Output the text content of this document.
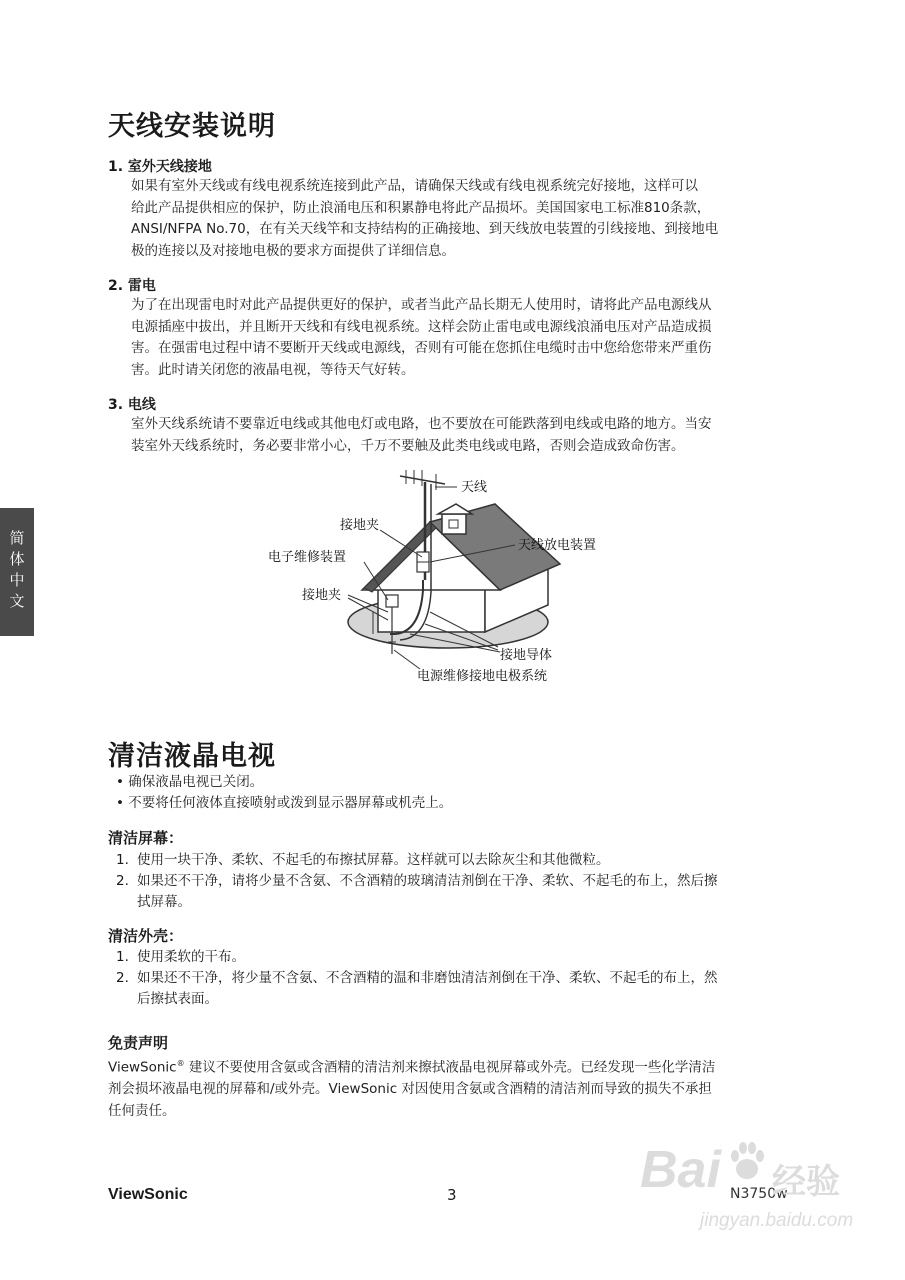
天线安装说明
1. 室外天线接地
如果有室外天线或有线电视系统连接到此产品，请确保天线或有线电视系统完好接地，这样可以
给此产品提供相应的保护，防止浪涌电压和积累静电将此产品损坏。美国国家电工标准810条款，
ANSI/NFPA No.70，在有关天线竿和支持结构的正确接地、到天线放电装置的引线接地、到接地电
极的连接以及对接地电极的要求方面提供了详细信息。
2. 雷电
为了在出现雷电时对此产品提供更好的保护，或者当此产品长期无人使用时，请将此产品电源线从
电源插座中拔出，并且断开天线和有线电视系统。这样会防止雷电或电源线浪涌电压对产品造成损
害。在强雷电过程中请不要断开天线或电源线，否则有可能在您抓住电缆时击中您给您带来严重伤
害。此时请关闭您的液晶电视，等待天气好转。
3. 电线
室外天线系统请不要靠近电线或其他电灯或电路，也不要放在可能跌落到电线或电路的地方。当安
装室外天线系统时，务必要非常小心，千万不要触及此类电线或电路，否则会造成致命伤害。
简体中文
天线
接地夹
天线放电装置
电子维修装置
接地夹
接地导体
电源维修接地电极系统
清洁液晶电视
• 确保液晶电视已关闭。
• 不要将任何液体直接喷射或泼到显示器屏幕或机壳上。
清洁屏幕：
1. 使用一块干净、柔软、不起毛的布擦拭屏幕。这样就可以去除灰尘和其他微粒。
2. 如果还不干净，请将少量不含氨、不含酒精的玻璃清洁剂倒在干净、柔软、不起毛的布上，然后擦
拭屏幕。
清洁外壳：
1. 使用柔软的干布。
2. 如果还不干净，将少量不含氨、不含酒精的温和非磨蚀清洁剂倒在干净、柔软、不起毛的布上，然
后擦拭表面。
免责声明
ViewSonic® 建议不要使用含氨或含酒精的清洁剂来擦拭液晶电视屏幕或外壳。已经发现一些化学清洁
剂会损坏液晶电视的屏幕和/或外壳。ViewSonic 对因使用含氨或含酒精的清洁剂而导致的损失不承担
任何责任。
ViewSonic	3	N3750w
Bai 经验
jingyan.baidu.com
